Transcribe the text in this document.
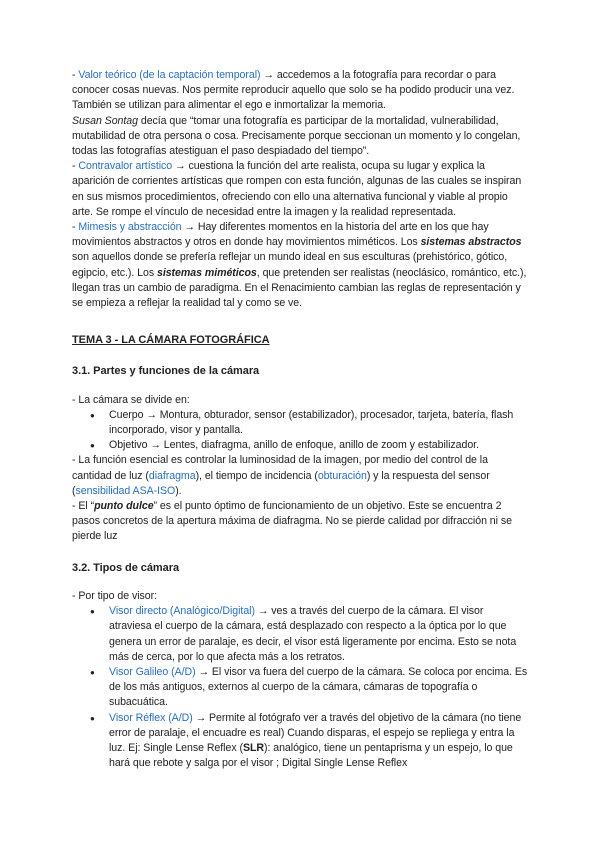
- Valor teórico (de la captación temporal) → accedemos a la fotografía para recordar o para conocer cosas nuevas. Nos permite reproducir aquello que solo se ha podido producir una vez. También se utilizan para alimentar el ego e inmortalizar la memoria.

Susan Sontag decía que “tomar una fotografía es participar de la mortalidad, vulnerabilidad, mutabilidad de otra persona o cosa. Precisamente porque seccionan un momento y lo congelan, todas las fotografías atestiguan el paso despiadado del tiempo”.

- Contravalor artístico → cuestiona la función del arte realista, ocupa su lugar y explica la aparición de corrientes artísticas que rompen con esta función, algunas de las cuales se inspiran en sus mismos procedimientos, ofreciendo con ello una alternativa funcional y viable al propio arte. Se rompe el vínculo de necesidad entre la imagen y la realidad representada.

- Mimesis y abstracción → Hay diferentes momentos en la historia del arte en los que hay movimientos abstractos y otros en donde hay movimientos miméticos. Los sistemas abstractos son aquellos donde se prefería reflejar un mundo ideal en sus esculturas (prehistórico, gótico, egipcio, etc.). Los sistemas miméticos, que pretenden ser realistas (neoclásico, romántico, etc.), llegan tras un cambio de paradigma. En el Renacimiento cambian las reglas de representación y se empieza a reflejar la realidad tal y como se ve.

TEMA 3 - LA CÁMARA FOTOGRÁFICA

3.1. Partes y funciones de la cámara

- La cámara se divide en:

● Cuerpo → Montura, obturador, sensor (estabilizador), procesador, tarjeta, batería, flash incorporado, visor y pantalla.
● Objetivo → Lentes, diafragma, anillo de enfoque, anillo de zoom y estabilizador.

- La función esencial es controlar la luminosidad de la imagen, por medio del control de la cantidad de luz (diafragma), el tiempo de incidencia (obturación) y la respuesta del sensor (sensibilidad ASA-ISO).

- El “punto dulce” es el punto óptimo de funcionamiento de un objetivo. Este se encuentra 2 pasos concretos de la apertura máxima de diafragma. No se pierde calidad por difracción ni se pierde luz

3.2. Tipos de cámara

- Por tipo de visor:

● Visor directo (Analógico/Digital) → ves a través del cuerpo de la cámara. El visor atraviesa el cuerpo de la cámara, está desplazado con respecto a la óptica por lo que genera un error de paralaje, es decir, el visor está ligeramente por encima. Esto se nota más de cerca, por lo que afecta más a los retratos.
● Visor Galileo (A/D) → El visor va fuera del cuerpo de la cámara. Se coloca por encima. Es de los más antiguos, externos al cuerpo de la cámara, cámaras de topografía o subacuática.
● Visor Réflex (A/D) → Permite al fotógrafo ver a través del objetivo de la cámara (no tiene error de paralaje, el encuadre es real) Cuando disparas, el espejo se repliega y entra la luz. Ej: Single Lense Reflex (SLR): analógico, tiene un pentaprisma y un espejo, lo que hará que rebote y salga por el visor ; Digital Single Lense Reflex
